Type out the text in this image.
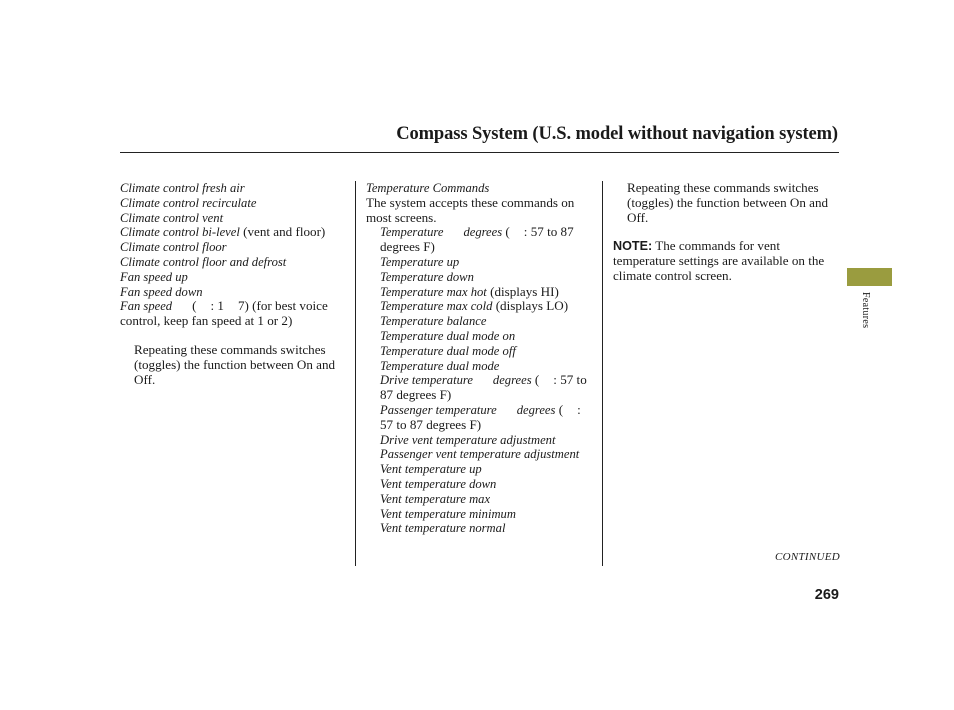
Compass System (U.S. model without navigation system)
Climate control fresh air
Climate control recirculate
Climate control vent
Climate control bi-level (vent and floor)
Climate control floor
Climate control floor and defrost
Fan speed up
Fan speed down
Fan speed ( : 1 7) (for best voice control, keep fan speed at 1 or 2)
Repeating these commands switches (toggles) the function between On and Off.
Temperature Commands
The system accepts these commands on most screens.
Temperature degrees ( : 57 to 87 degrees F)
Temperature up
Temperature down
Temperature max hot (displays HI)
Temperature max cold (displays LO)
Temperature balance
Temperature dual mode on
Temperature dual mode off
Temperature dual mode
Drive temperature degrees ( : 57 to 87 degrees F)
Passenger temperature degrees ( : 57 to 87 degrees F)
Drive vent temperature adjustment
Passenger vent temperature adjustment
Vent temperature up
Vent temperature down
Vent temperature max
Vent temperature minimum
Vent temperature normal
Repeating these commands switches (toggles) the function between On and Off.
NOTE: The commands for vent temperature settings are available on the climate control screen.
Features
CONTINUED
269
